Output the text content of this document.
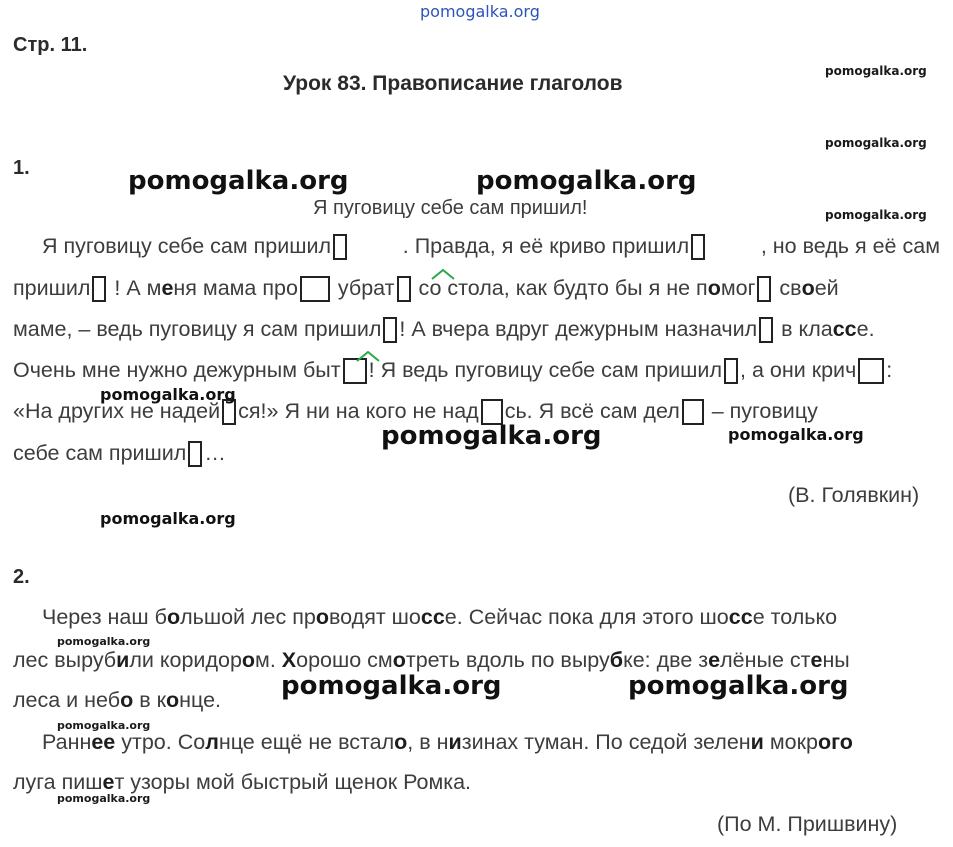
pomogalka.org
Стр. 11.
Урок 83. Правописание глаголов
pomogalka.org
pomogalka.org
pomogalka.org
1.	pomogalka.org	pomogalka.org
Я пуговицу себе сам пришил!
Я пуговицу себе сам пришил	. Правда, я её криво пришил	, но ведь я её сам
пришил ! А меня мама про убрат со стола, как будто бы я не помог своей
маме, – ведь пуговицу я сам пришил ! А вчера вдруг дежурным назначил в классе.
Очень мне нужно дежурным быт ! Я ведь пуговицу себе сам пришил , а они крич :
«На других не надей ся!» Я ни на кого не над сь. Я всё сам дел – пуговицу
себе сам пришил …
pomogalka.org
pomogalka.org	pomogalka.org
(В. Голявкин)
pomogalka.org
2.
Через наш большой лес проводят шоссе. Сейчас пока для этого шоссе только
pomogalka.org
лес вырубили коридором. Хорошо смотреть вдоль по вырубке: две зелёные стены
леса и небо в конце. pomogalka.org	pomogalka.org
pomogalka.org
Раннее утро. Солнце ещё не встало, в низинах туман. По седой зелени мокрого
луга пишет узоры мой быстрый щенок Ромка.
pomogalka.org
(По М. Пришвину)
